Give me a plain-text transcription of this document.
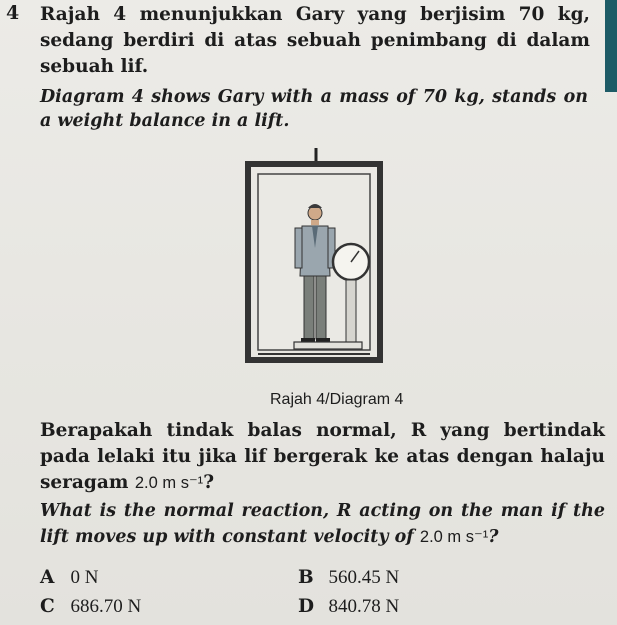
4 Rajah 4 menunjukkan Gary yang berjisim 70 kg, sedang berdiri di atas sebuah penimbang di dalam sebuah lif.
Diagram 4 shows Gary with a mass of 70 kg, stands on a weight balance in a lift.
Rajah 4/Diagram 4
Berapakah tindak balas normal, R yang bertindak pada lelaki itu jika lif bergerak ke atas dengan halaju seragam 2.0 m s⁻¹?
What is the normal reaction, R acting on the man if the lift moves up with constant velocity of 2.0 m s⁻¹?
A 0 N	B 560.45 N
C 686.70 N	D 840.78 N
